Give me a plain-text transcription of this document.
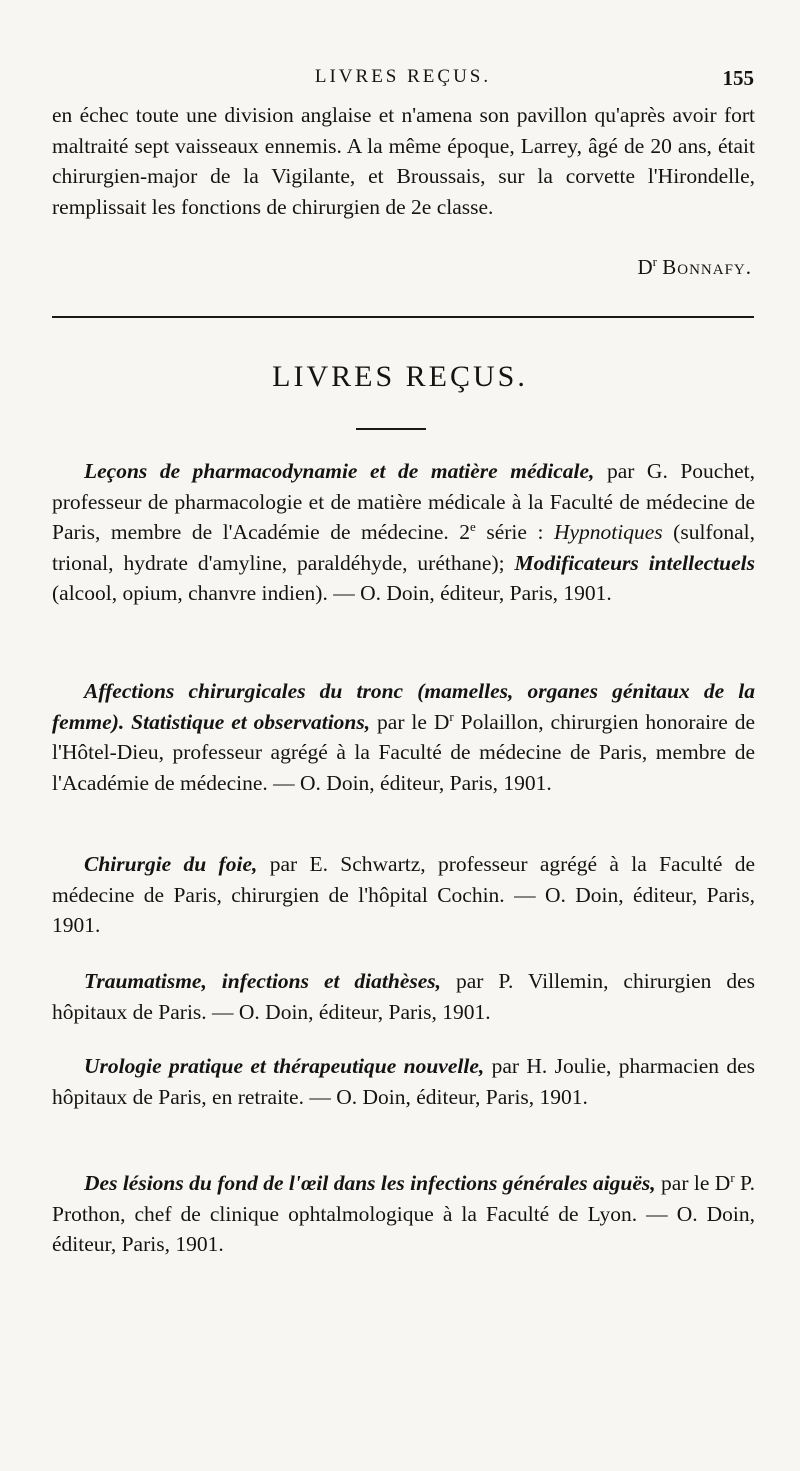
LIVRES REÇUS.	155

en échec toute une division anglaise et n'amena son pavillon qu'après avoir fort maltraité sept vaisseaux ennemis. A la même époque, Larrey, âgé de 20 ans, était chirurgien-major de la Vigilante, et Broussais, sur la corvette l'Hirondelle, remplissait les fonctions de chirurgien de 2e classe.

$D^r$ Bonnafy.
LIVRES REÇUS.

Leçons de pharmacodynamie et de matière médicale, par G. Pouchet, professeur de pharmacologie et de matière médicale à la Faculté de médecine de Paris, membre de l'Académie de médecine. 2e série : Hypnotiques (sulfonal, trional, hydrate d'amyline, paraldéhyde, uréthane); Modificateurs intellectuels (alcool, opium, chanvre indien). — O. Doin, éditeur, Paris, 1901.

Affections chirurgicales du tronc (mamelles, organes génitaux de la femme). Statistique et observations, par le $D^r$ Polaillon, chirurgien honoraire de l'Hôtel-Dieu, professeur agrégé à la Faculté de médecine de Paris, membre de l'Académie de médecine. — O. Doin, éditeur, Paris, 1901.

Chirurgie du foie, par E. Schwartz, professeur agrégé à la Faculté de médecine de Paris, chirurgien de l'hôpital Cochin. — O. Doin, éditeur, Paris, 1901.

Traumatisme, infections et diathèses, par P. Villemin, chirurgien des hôpitaux de Paris. — O. Doin, éditeur, Paris, 1901.

Urologie pratique et thérapeutique nouvelle, par H. Joulie, pharmacien des hôpitaux de Paris, en retraite. — O. Doin, éditeur, Paris, 1901.

Des lésions du fond de l'œil dans les infections générales aiguës, par le $D^r$ P. Prothon, chef de clinique ophtalmologique à la Faculté de Lyon. — O. Doin, éditeur, Paris, 1901.
